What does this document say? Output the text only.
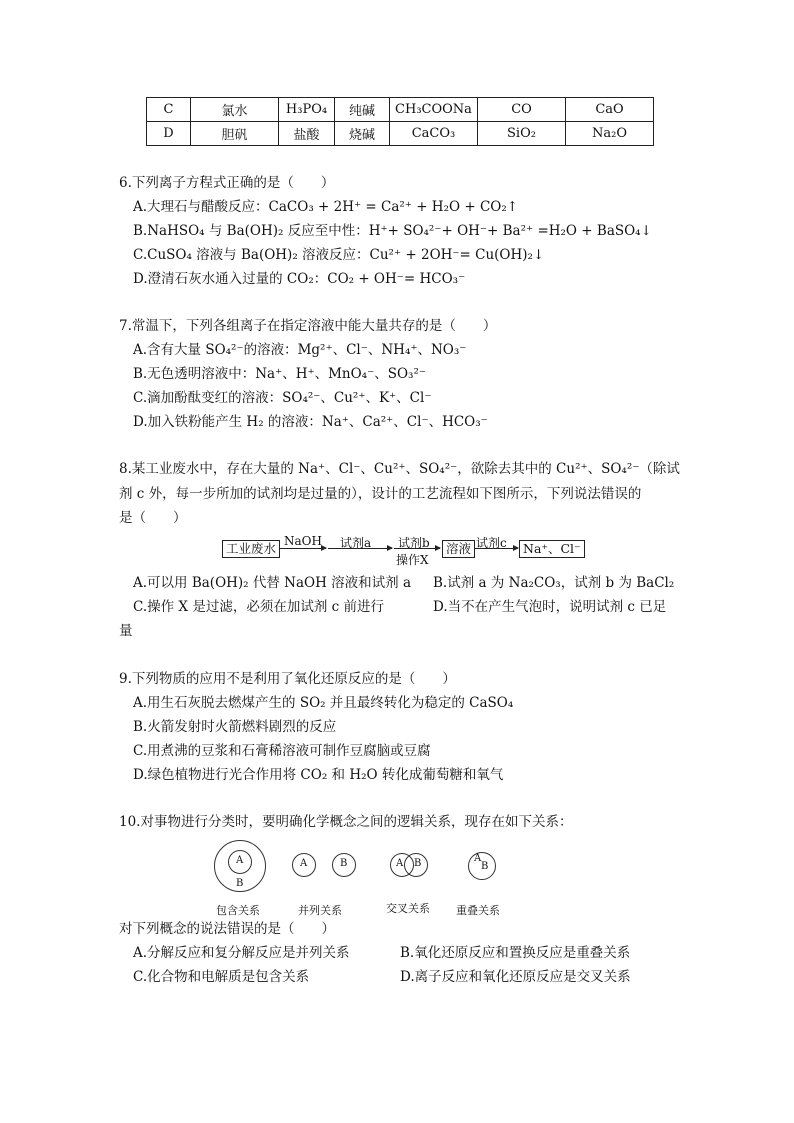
C	氯水	H₃PO₄	纯碱	CH₃COONa	CO	CaO
D	胆矾	盐酸	烧碱	CaCO₃	SiO₂	Na₂O
6.下列离子方程式正确的是（　　）
A.大理石与醋酸反应：CaCO₃ + 2H⁺ = Ca²⁺ + H₂O + CO₂↑
B.NaHSO₄ 与 Ba(OH)₂ 反应至中性：H⁺+ SO₄²⁻+ OH⁻+ Ba²⁺ =H₂O + BaSO₄↓
C.CuSO₄ 溶液与 Ba(OH)₂ 溶液反应：Cu²⁺ + 2OH⁻= Cu(OH)₂↓
D.澄清石灰水通入过量的 CO₂：CO₂ + OH⁻= HCO₃⁻
7.常温下，下列各组离子在指定溶液中能大量共存的是（　　）
A.含有大量 SO₄²⁻的溶液：Mg²⁺、Cl⁻、NH₄⁺、NO₃⁻
B.无色透明溶液中：Na⁺、H⁺、MnO₄⁻、SO₃²⁻
C.滴加酚酞变红的溶液：SO₄²⁻、Cu²⁺、K⁺、Cl⁻
D.加入铁粉能产生 H₂ 的溶液：Na⁺、Ca²⁺、Cl⁻、HCO₃⁻
8.某工业废水中，存在大量的 Na⁺、Cl⁻、Cu²⁺、SO₄²⁻，欲除去其中的 Cu²⁺、SO₄²⁻（除试
剂 c 外，每一步所加的试剂均是过量的），设计的工艺流程如下图所示，下列说法错误的
是（　　）
工业废水 NaOH 试剂a 试剂b
操作X
溶液 试剂c	Na⁺、Cl⁻
A.可以用 Ba(OH)₂ 代替 NaOH 溶液和试剂 a B.试剂 a 为 Na₂CO₃，试剂 b 为 BaCl₂
C.操作 X 是过滤，必须在加试剂 c 前进行	D.当不在产生气泡时，说明试剂 c 已足
量
9.下列物质的应用不是利用了氧化还原反应的是（　　）
A.用生石灰脱去燃煤产生的 SO₂ 并且最终转化为稳定的 CaSO₄
B.火箭发射时火箭燃料剧烈的反应
C.用煮沸的豆浆和石膏稀溶液可制作豆腐脑或豆腐
D.绿色植物进行光合作用将 CO₂ 和 H₂O 转化成葡萄糖和氧气
10.对事物进行分类时，要明确化学概念之间的逻辑关系，现存在如下关系：
A
B
包含关系
A	B
并列关系
A B
交叉关系
A
B
重叠关系
对下列概念的说法错误的是（　　）
A.分解反应和复分解反应是并列关系	B.氧化还原反应和置换反应是重叠关系
C.化合物和电解质是包含关系	D.离子反应和氧化还原反应是交叉关系
